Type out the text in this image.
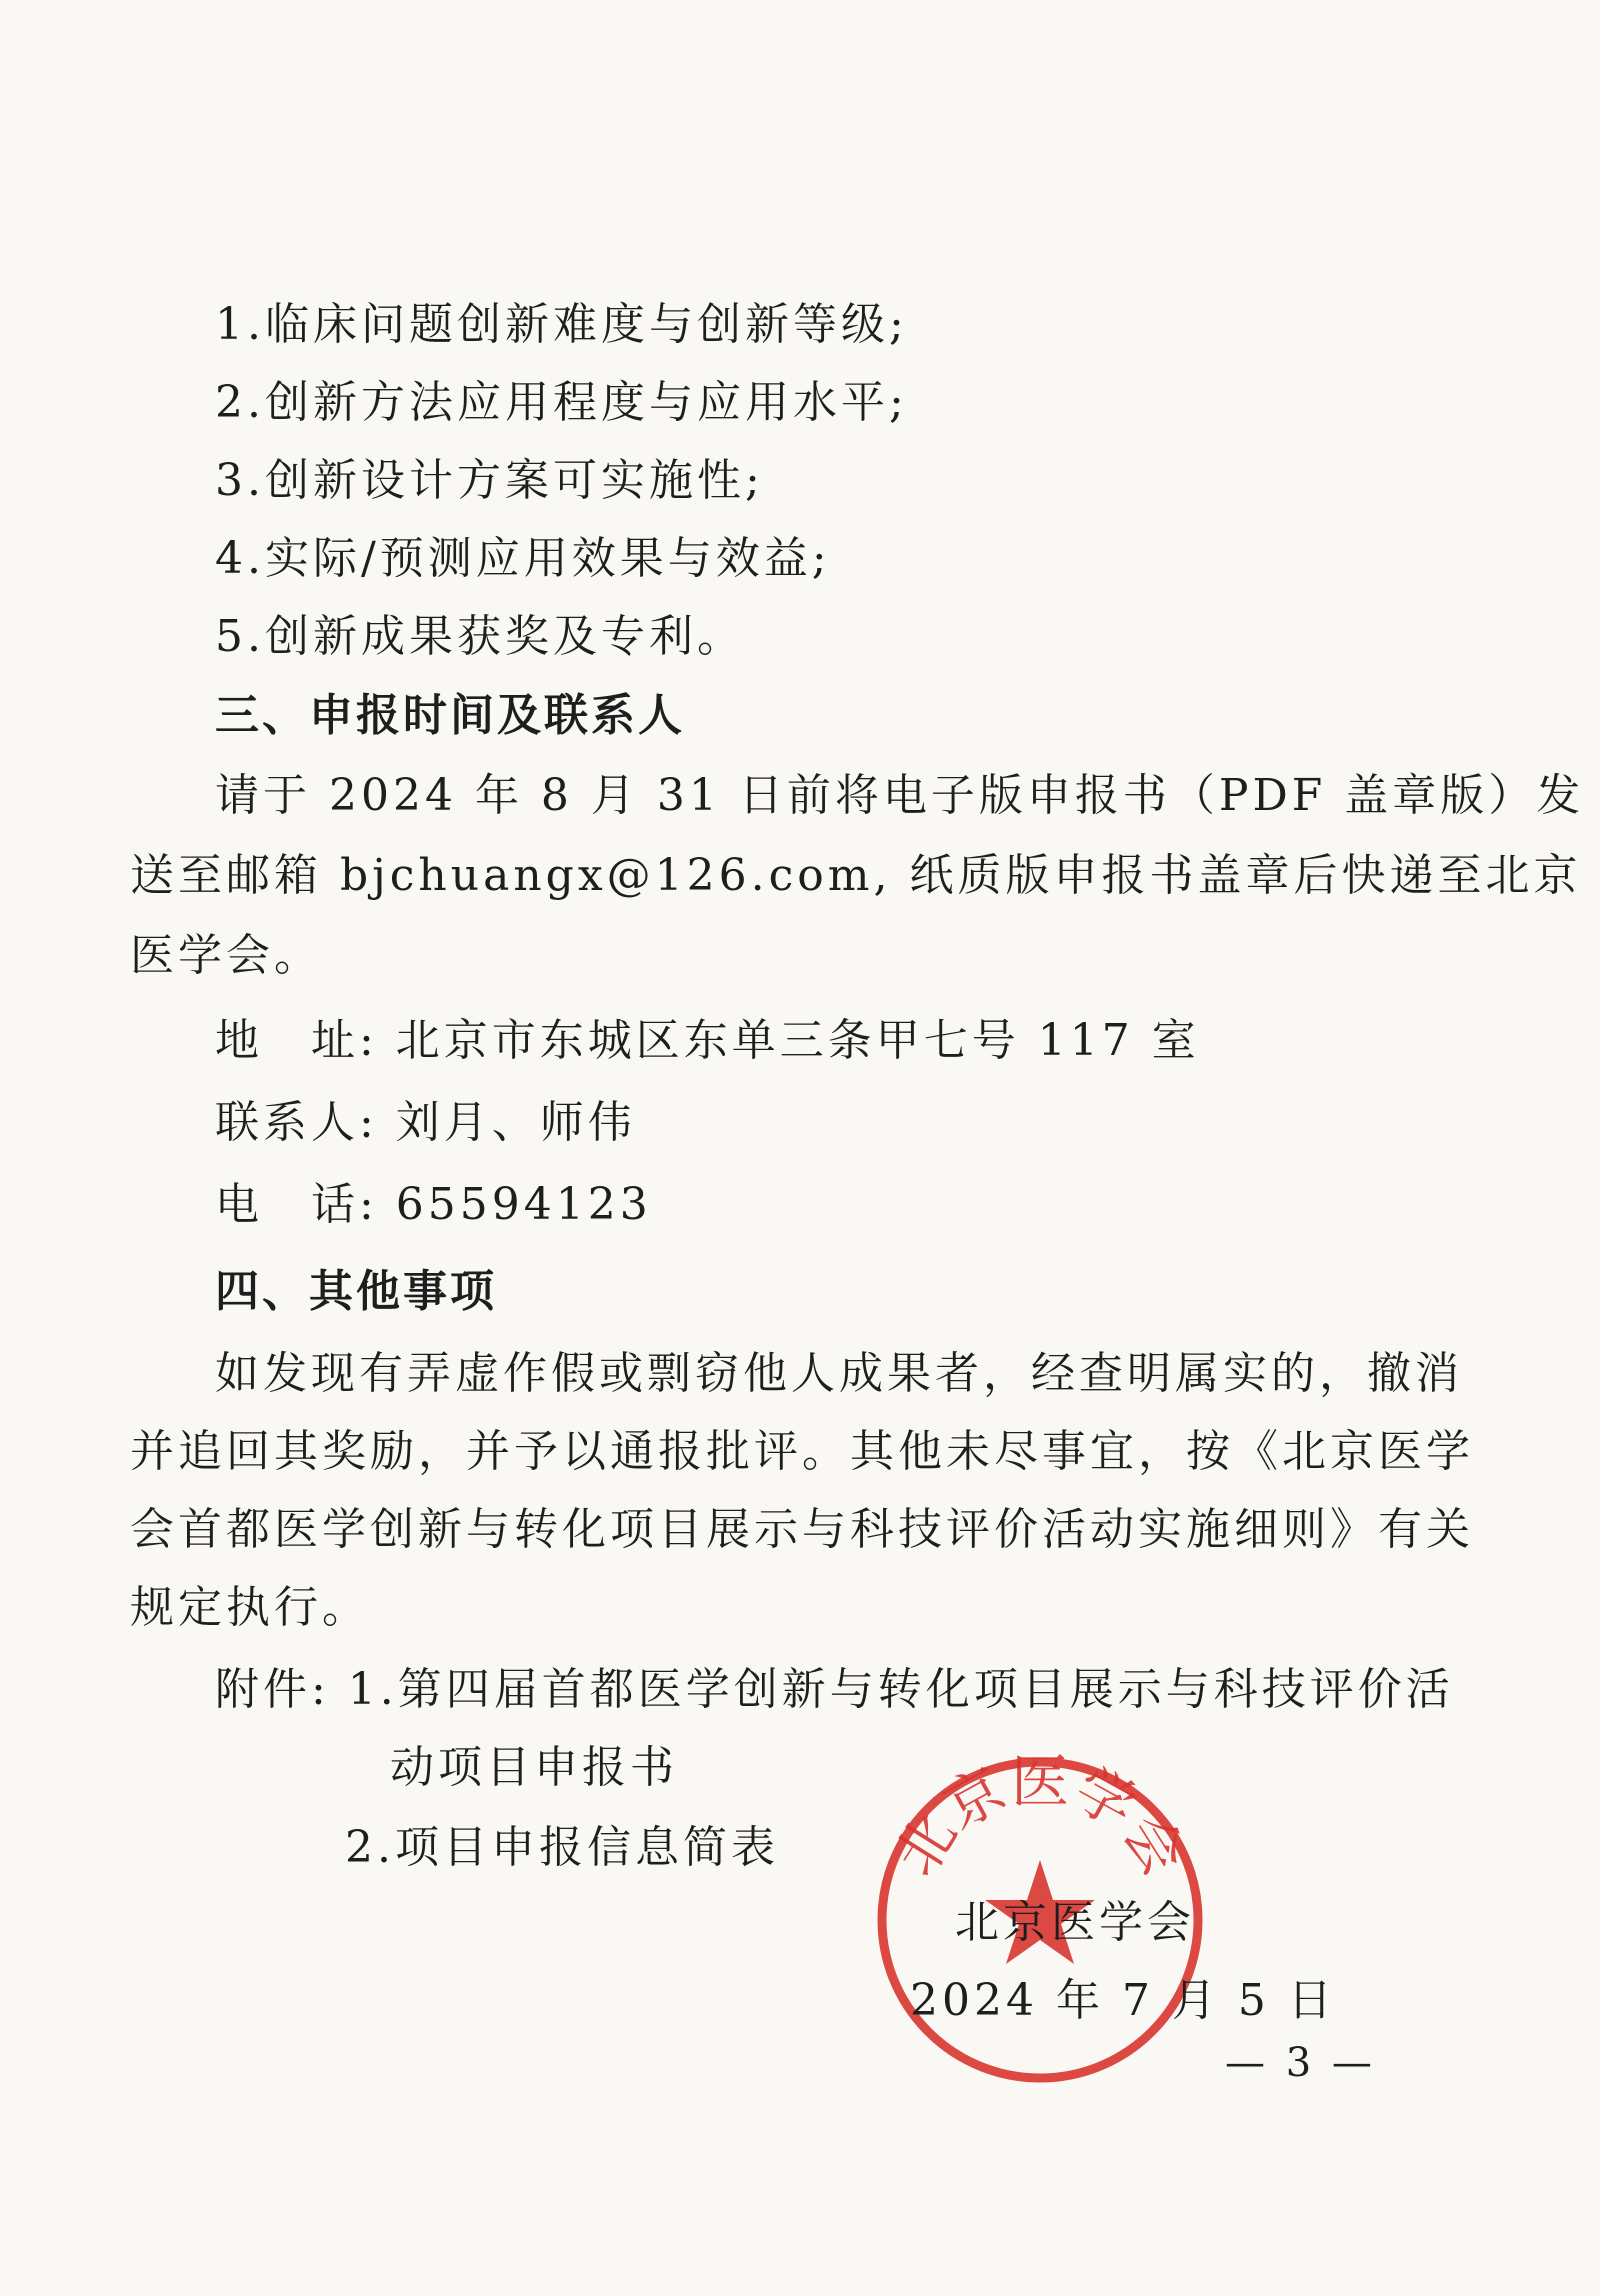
1.临床问题创新难度与创新等级;

2.创新方法应用程度与应用水平;

3.创新设计方案可实施性;

4.实际/预测应用效果与效益;

5.创新成果获奖及专利。

三、申报时间及联系人

请于 2024 年 8 月 31 日前将电子版申报书（PDF 盖章版）发

送至邮箱 bjchuangx@126.com, 纸质版申报书盖章后快递至北京

医学会。

地　址: 北京市东城区东单三条甲七号 117 室

联系人: 刘月、师伟

电　话: 65594123

四、其他事项

如发现有弄虚作假或剽窃他人成果者，经查明属实的，撤消

并追回其奖励，并予以通报批评。其他未尽事宜，按《北京医学

会首都医学创新与转化项目展示与科技评价活动实施细则》有关

规定执行。

附件: 1.第四届首都医学创新与转化项目展示与科技评价活

动项目申报书

2.项目申报信息简表 北京医学会

北京医学会

2024 年 7 月 5 日

— 3 —
